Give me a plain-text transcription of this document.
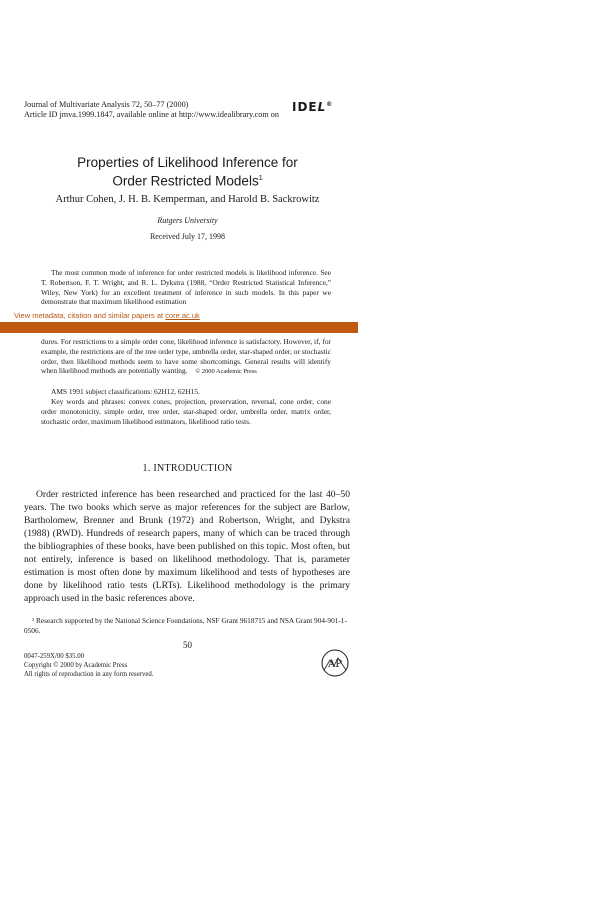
Journal of Multivariate Analysis 72, 50–77 (2000)
Article ID jmva.1999.1847, available online at http://www.idealibrary.com on
IDEL®
Properties of Likelihood Inference for
Order Restricted Models$^1$
Arthur Cohen, J. H. B. Kemperman, and Harold B. Sackrowitz
Rutgers University
Received July 17, 1998
The most common mode of inference for order restricted models is likelihood inference. See T. Robertson, F. T. Wright, and R. L. Dykstra (1988, “Order Restricted Statistical Inference,” Wiley, New York) for an excellent treatment of inference in such models. In this paper we demonstrate that maximum likelihood estimation
View metadata, citation and similar papers at core.ac.uk
dures. For restrictions to a simple order cone, likelihood inference is satisfactory. However, if, for example, the restrictions are of the tree order type, umbrella order, star-shaped order, or stochastic order, then likelihood methods seem to have some shortcomings. General results will identify when likelihood methods are potentially wanting. © 2000 Academic Press
AMS 1991 subject classifications: 62H12, 62H15.
Key words and phrases: convex cones, projection, preservation, reversal, cone order, cone order monotonicity, simple order, tree order, star-shaped order, umbrella order, matrix order, stochastic order, maximum likelihood estimators, likelihood ratio tests.
1. INTRODUCTION
Order restricted inference has been researched and practiced for the last 40–50 years. The two books which serve as major references for the subject are Barlow, Bartholomew, Brenner and Brunk (1972) and Robertson, Wright, and Dykstra (1988) (RWD). Hundreds of research papers, many of which can be traced through the bibliographies of these books, have been published on this topic. Most often, but not entirely, inference is based on likelihood methodology. That is, parameter estimation is most often done by maximum likelihood and tests of hypotheses are done by likelihood ratio tests (LRTs). Likelihood methodology is the primary approach used in the basic references above.
¹ Research supported by the National Science Foundations, NSF Grant 9618715 and NSA Grant 904-901-1-0506.
50
0047-259X/00 $35.00
Copyright © 2000 by Academic Press
All rights of reproduction in any form reserved.
AP
